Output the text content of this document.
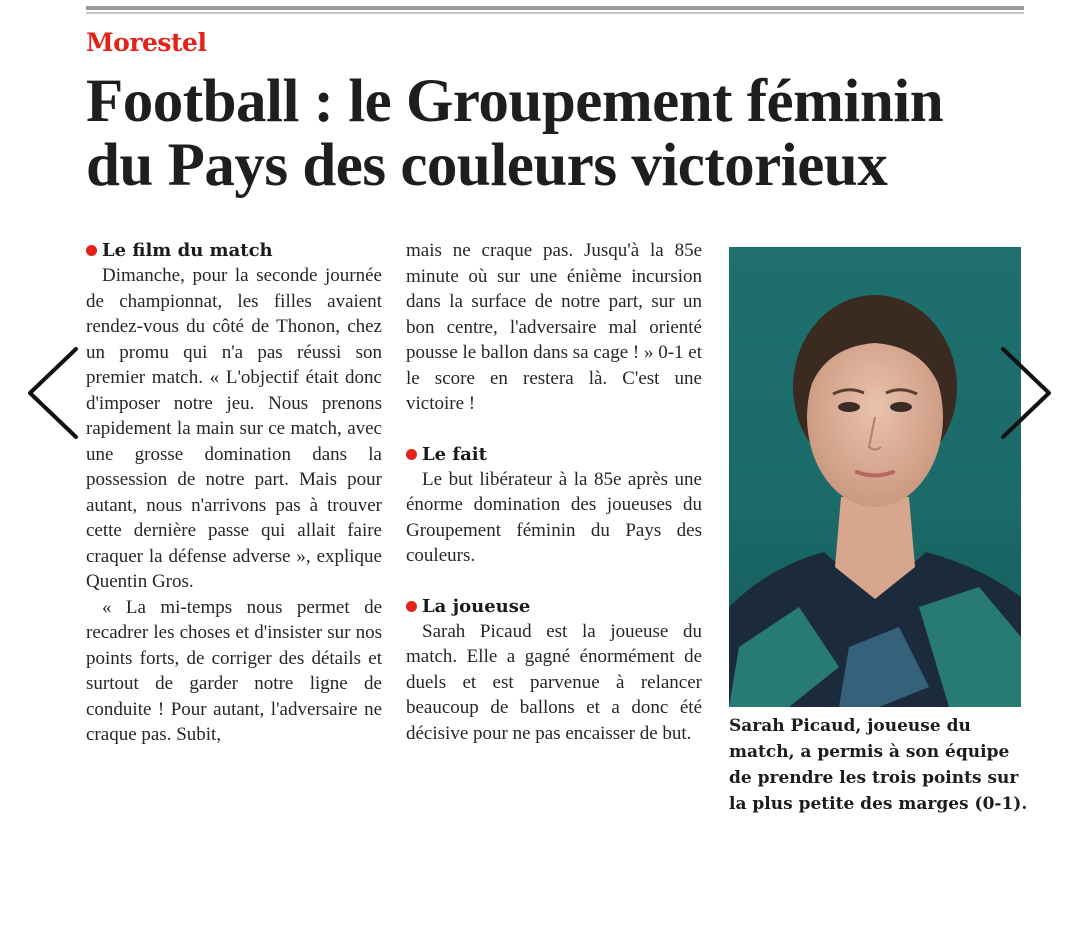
Morestel
Football : le Groupement féminin
du Pays des couleurs victorieux
Le film du match

Dimanche, pour la seconde journée de championnat, les filles avaient rendez-vous du côté de Thonon, chez un promu qui n'a pas réussi son premier match. « L'objectif était donc d'imposer notre jeu. Nous prenons rapidement la main sur ce match, avec une grosse domination dans la possession de notre part. Mais pour autant, nous n'arrivons pas à trouver cette dernière passe qui allait faire craquer la défense adverse », explique Quentin Gros.

« La mi-temps nous permet de recadrer les choses et d'insister sur nos points forts, de corriger des détails et surtout de garder notre ligne de conduite ! Pour autant, l'adversaire ne craque pas. Subit,

mais ne craque pas. Jusqu'à la 85e minute où sur une énième incursion dans la surface de notre part, sur un bon centre, l'adversaire mal orienté pousse le ballon dans sa cage ! » 0-1 et le score en restera là. C'est une victoire !

Le fait

Le but libérateur à la 85e après une énorme domination des joueuses du Groupement féminin du Pays des couleurs.

La joueuse

Sarah Picaud est la joueuse du match. Elle a gagné énormément de duels et est parvenue à relancer beaucoup de ballons et a donc été décisive pour ne pas encaisser de but.	Sarah Picaud, joueuse du match, a permis à son équipe de prendre les trois points sur la plus petite des marges (0-1).
